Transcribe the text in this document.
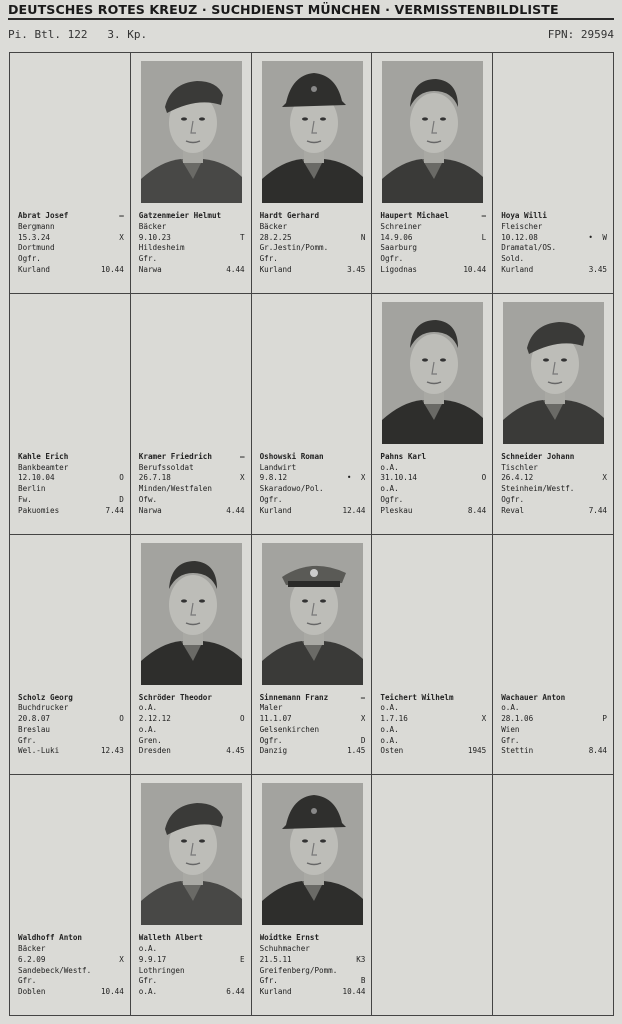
DEUTSCHES ROTES KREUZ · SUCHDIENST MÜNCHEN · VERMISSTENBILDLISTE
Pi. Btl. 122   3. Kp.	FPN: 29594
Abrat Josef	–
Bergmann
15.3.24	X
Dortmund
Ogfr.
Kurland	10.44
Gatzenmeier Helmut
Bäcker
9.10.23	T
Hildesheim
Gfr.
Narwa	4.44
Hardt Gerhard
Bäcker
28.2.25	N
Gr.Jestin/Pomm.
Gfr.
Kurland	3.45
Haupert Michael	–
Schreiner
14.9.06	L
Saarburg
Ogfr.
Ligodnas	10.44
Hoya Willi
Fleischer
10.12.08	• W
Dramatal/OS.
Sold.
Kurland	3.45
Kahle Erich
Bankbeamter
12.10.04	O
Berlin
Fw.	D
Pakuomies	7.44
Kramer Friedrich	–
Berufssoldat
26.7.18	X
Minden/Westfalen
Ofw.
Narwa	4.44
Oshowski Roman
Landwirt
9.8.12	• X
Skaradowo/Pol.
Ogfr.
Kurland	12.44
Pahns Karl
o.A.
31.10.14	O
o.A.
Ogfr.
Pleskau	8.44
Schneider Johann
Tischler
26.4.12	X
Steinheim/Westf.
Ogfr.
Reval	7.44
Scholz Georg
Buchdrucker
20.8.07	O
Breslau
Gfr.
Wel.-Luki	12.43
Schröder Theodor
o.A.
2.12.12	O
o.A.
Gren.
Dresden	4.45
Sinnemann Franz	–
Maler
11.1.07	X
Gelsenkirchen
Ogfr.	D
Danzig	1.45
Teichert Wilhelm
o.A.
1.7.16	X
o.A.
o.A.
Osten	1945
Wachauer Anton
o.A.
28.1.06	P
Wien
Gfr.
Stettin	8.44
Waldhoff Anton
Bäcker
6.2.09	X
Sandebeck/Westf.
Gfr.
Doblen	10.44
Walleth Albert
o.A.
9.9.17	E
Lothringen
Gfr.
o.A.	6.44
Woidtke Ernst
Schuhmacher
21.5.11	K3
Greifenberg/Pomm.
Gfr.	B
Kurland	10.44
